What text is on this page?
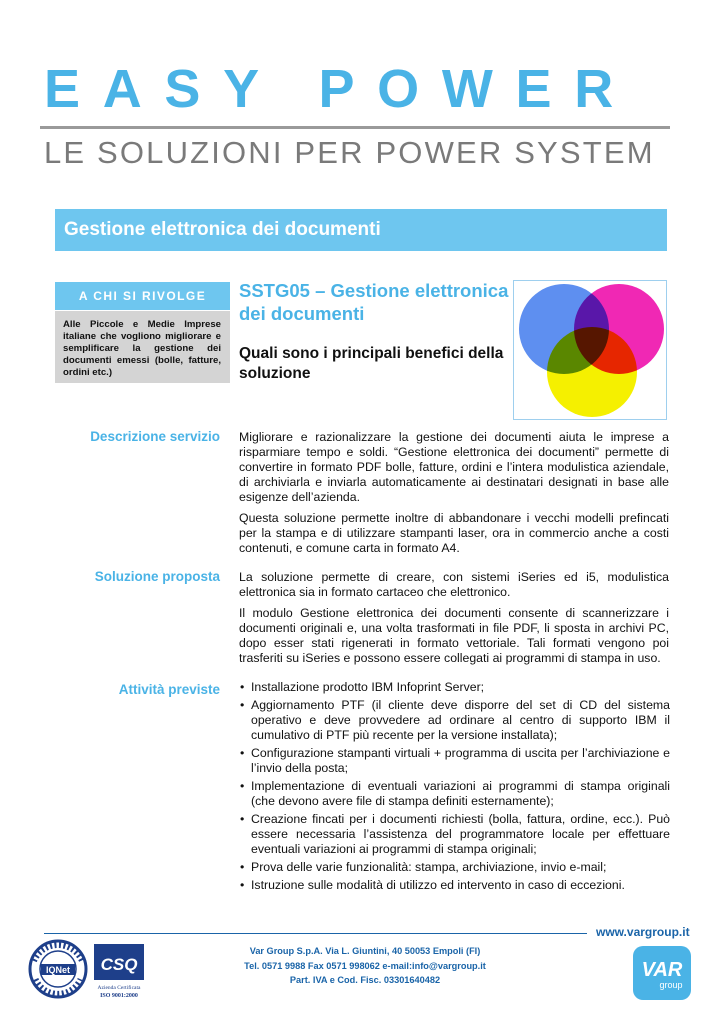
EASY POWER
LE SOLUZIONI PER POWER SYSTEM
Gestione elettronica dei documenti
A CHI SI RIVOLGE
Alle Piccole e Medie Imprese italiane che vogliono migliorare e semplificare la gestione dei documenti emessi (bolle, fatture, ordini etc.)
SSTG05 – Gestione elettronica dei documenti
Quali sono i principali benefici della soluzione
Descrizione servizio Migliorare e razionalizzare la gestione dei documenti aiuta le imprese a risparmiare tempo e soldi. “Gestione elettronica dei documenti” permette di convertire in formato PDF bolle, fatture, ordini e l’intera modulistica aziendale, di archiviarla e inviarla automaticamente ai destinatari designati in base alle esigenze dell’azienda.

Questa soluzione permette inoltre di abbandonare i vecchi modelli prefincati per la stampa e di utilizzare stampanti laser, ora in commercio anche a costi contenuti, e comune carta in formato A4.

Soluzione proposta La soluzione permette di creare, con sistemi iSeries ed i5, modulistica elettronica sia in formato cartaceo che elettronico.

Il modulo Gestione elettronica dei documenti consente di scannerizzare i documenti originali e, una volta trasformati in file PDF, li sposta in archivi PC, dopo esser stati rigenerati in formato vettoriale. Tali formati vengono poi trasferiti su iSeries e possono essere collegati ai programmi di stampa in uso.

Attività previste
•	Installazione prodotto IBM Infoprint Server;
• Aggiornamento PTF (il cliente deve disporre del set di CD del sistema operativo e deve provvedere ad ordinare al centro di supporto IBM il cumulativo di PTF più recente per la versione installata);
• Configurazione stampanti virtuali + programma di uscita per l’archiviazione e l’invio della posta;
• Implementazione di eventuali variazioni ai programmi di stampa originali (che devono avere file di stampa definiti esternamente);
• Creazione fincati per i documenti richiesti (bolla, fattura, ordine, ecc.). Può essere necessaria l’assistenza del programmatore locale per effettuare eventuali variazioni ai programmi di stampa originali;
• Prova delle varie funzionalità: stampa, archiviazione, invio e-mail;
• Istruzione sulle modalità di utilizzo ed intervento in caso di eccezioni.
www.vargroup.it
Var Group S.p.A. Via L. Giuntini, 40 50053 Empoli (FI)
Tel. 0571 9988 Fax 0571 998062 e-mail:info@vargroup.it
Part. IVA e Cod. Fisc. 03301640482
IQNet CSQ
Azienda Certificata
ISO 9001:2000
VAR
group
